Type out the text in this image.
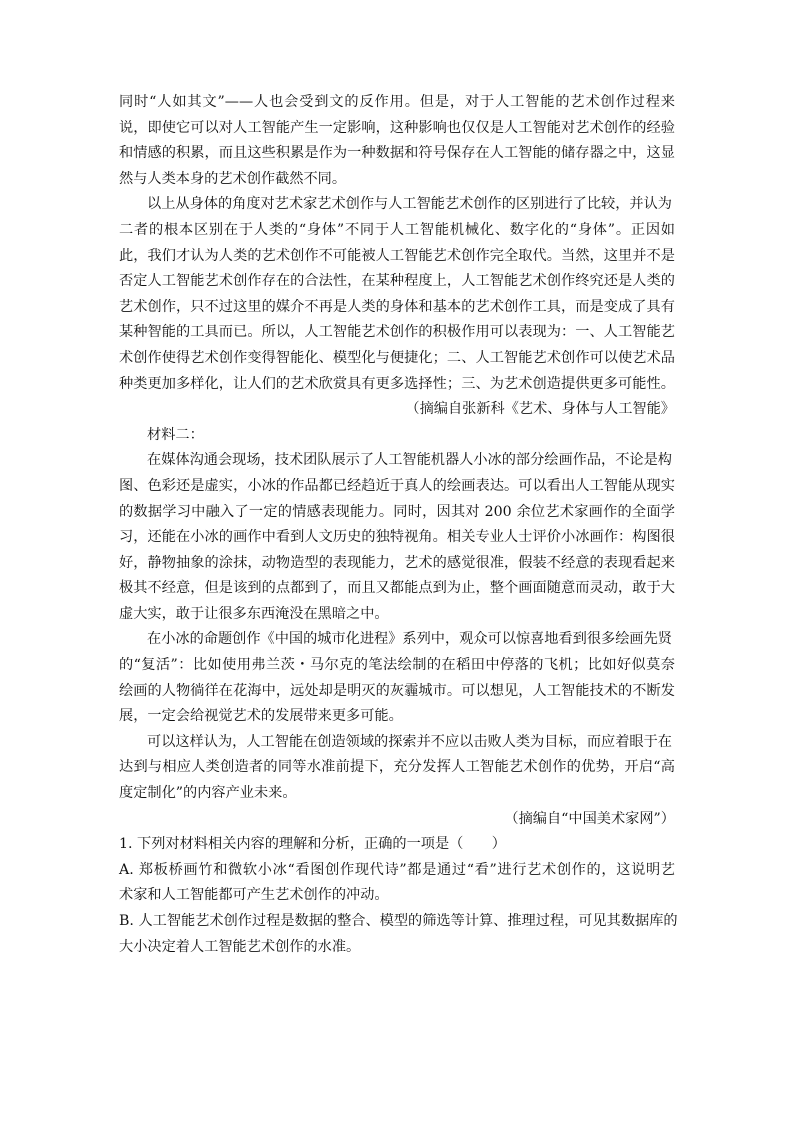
同时“人如其文”——人也会受到文的反作用。但是，对于人工智能的艺术创作过程来

说，即使它可以对人工智能产生一定影响，这种影响也仅仅是人工智能对艺术创作的经验

和情感的积累，而且这些积累是作为一种数据和符号保存在人工智能的储存器之中，这显

然与人类本身的艺术创作截然不同。

以上从身体的角度对艺术家艺术创作与人工智能艺术创作的区别进行了比较，并认为

二者的根本区别在于人类的“身体”不同于人工智能机械化、数字化的“身体”。正因如

此，我们才认为人类的艺术创作不可能被人工智能艺术创作完全取代。当然，这里并不是

否定人工智能艺术创作存在的合法性，在某种程度上，人工智能艺术创作终究还是人类的

艺术创作，只不过这里的媒介不再是人类的身体和基本的艺术创作工具，而是变成了具有

某种智能的工具而已。所以，人工智能艺术创作的积极作用可以表现为：一、人工智能艺

术创作使得艺术创作变得智能化、模型化与便捷化；二、人工智能艺术创作可以使艺术品

种类更加多样化，让人们的艺术欣赏具有更多选择性；三、为艺术创造提供更多可能性。

（摘编自张新科《艺术、身体与人工智能》

材料二：

在媒体沟通会现场，技术团队展示了人工智能机器人小冰的部分绘画作品，不论是构

图、色彩还是虚实，小冰的作品都已经趋近于真人的绘画表达。可以看出人工智能从现实

的数据学习中融入了一定的情感表现能力。同时，因其对 200 余位艺术家画作的全面学

习，还能在小冰的画作中看到人文历史的独特视角。相关专业人士评价小冰画作：构图很

好，静物抽象的涂抹，动物造型的表现能力，艺术的感觉很准，假装不经意的表现看起来

极其不经意，但是该到的点都到了，而且又都能点到为止，整个画面随意而灵动，敢于大

虚大实，敢于让很多东西淹没在黑暗之中。

在小冰的命题创作《中国的城市化进程》系列中，观众可以惊喜地看到很多绘画先贤

的“复活”：比如使用弗兰茨・马尔克的笔法绘制的在稻田中停落的飞机；比如好似莫奈

绘画的人物徜徉在花海中，远处却是明灭的灰霾城市。可以想见，人工智能技术的不断发

展，一定会给视觉艺术的发展带来更多可能。

可以这样认为，人工智能在创造领域的探索并不应以击败人类为目标，而应着眼于在

达到与相应人类创造者的同等水准前提下，充分发挥人工智能艺术创作的优势，开启“高

度定制化”的内容产业未来。

（摘编自“中国美术家网”）

1. 下列对材料相关内容的理解和分析，正确的一项是（　　）

A. 郑板桥画竹和微软小冰“看图创作现代诗”都是通过“看”进行艺术创作的，这说明艺

术家和人工智能都可产生艺术创作的冲动。

B. 人工智能艺术创作过程是数据的整合、模型的筛选等计算、推理过程，可见其数据库的

大小决定着人工智能艺术创作的水准。
